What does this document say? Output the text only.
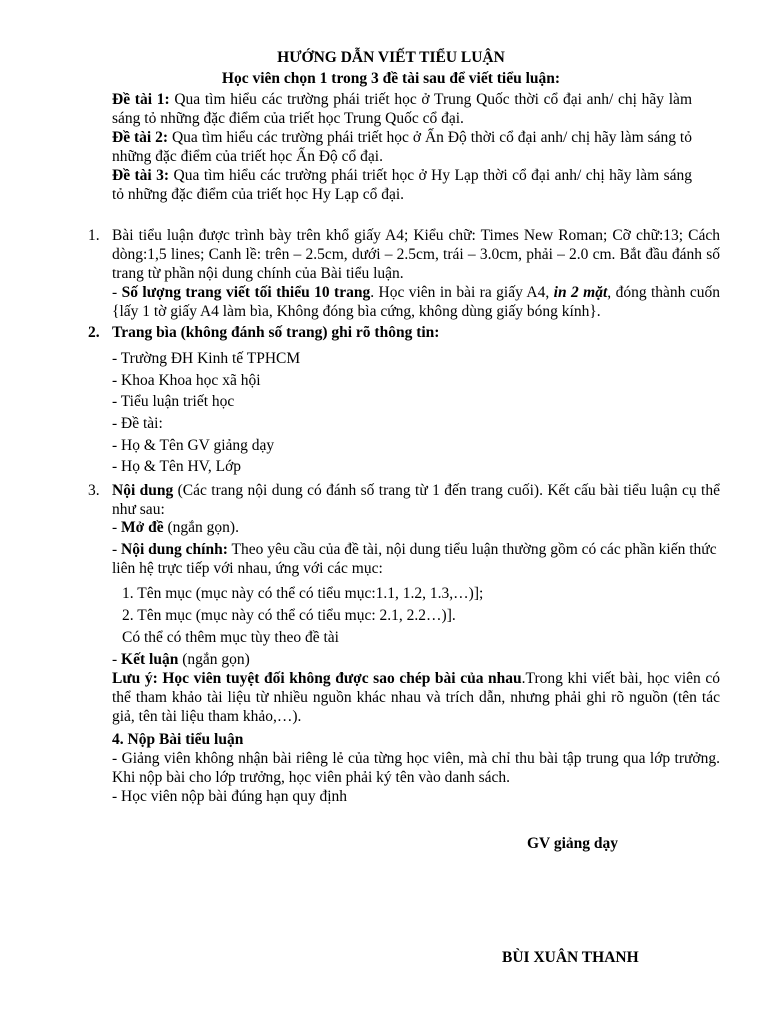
HƯỚNG DẪN VIẾT TIỂU LUẬN
Học viên chọn 1 trong 3 đề tài sau để viết tiểu luận:

Đề tài 1: Qua tìm hiểu các trường phái triết học ở Trung Quốc thời cổ đại anh/ chị hãy làm sáng tỏ những đặc điểm của triết học Trung Quốc cổ đại.

Đề tài 2: Qua tìm hiểu các trường phái triết học ở Ấn Độ thời cổ đại anh/ chị hãy làm sáng tỏ những đặc điểm của triết học Ấn Độ cổ đại.

Đề tài 3: Qua tìm hiểu các trường phái triết học ở Hy Lạp thời cổ đại anh/ chị hãy làm sáng tỏ những đặc điểm của triết học Hy Lạp cổ đại.

1. Bài tiểu luận được trình bày trên khổ giấy A4; Kiểu chữ: Times New Roman; Cỡ chữ:13; Cách dòng:1,5 lines; Canh lề: trên – 2.5cm, dưới – 2.5cm, trái – 3.0cm, phải – 2.0 cm. Bắt đầu đánh số trang từ phần nội dung chính của Bài tiểu luận.

- Số lượng trang viết tối thiểu 10 trang. Học viên in bài ra giấy A4, in 2 mặt, đóng thành cuốn {lấy 1 tờ giấy A4 làm bìa, Không đóng bìa cứng, không dùng giấy bóng kính}.

2. Trang bìa (không đánh số trang) ghi rõ thông tin:

- Trường ĐH Kinh tế TPHCM
- Khoa Khoa học xã hội
- Tiểu luận triết học
- Đề tài:
- Họ & Tên GV giảng dạy
- Họ & Tên HV, Lớp
3. Nội dung (Các trang nội dung có đánh số trang từ 1 đến trang cuối). Kết cấu bài tiểu luận cụ thể như sau:

- Mở đề (ngắn gọn).
- Nội dung chính: Theo yêu cầu của đề tài, nội dung tiểu luận thường gồm có các phần kiến thức liên hệ trực tiếp với nhau, ứng với các mục:
1. Tên mục (mục này có thể có tiểu mục:1.1, 1.2, 1.3,…)];
2. Tên mục (mục này có thể có tiểu mục: 2.1, 2.2…)].
Có thể có thêm mục tùy theo đề tài
- Kết luận (ngắn gọn)

Lưu ý: Học viên tuyệt đối không được sao chép bài của nhau.Trong khi viết bài, học viên có thể tham khảo tài liệu từ nhiều nguồn khác nhau và trích dẫn, nhưng phải ghi rõ nguồn (tên tác giả, tên tài liệu tham khảo,…).

4. Nộp Bài tiểu luận

- Giảng viên không nhận bài riêng lẻ của từng học viên, mà chỉ thu bài tập trung qua lớp trưởng. Khi nộp bài cho lớp trưởng, học viên phải ký tên vào danh sách.

- Học viên nộp bài đúng hạn quy định

GV giảng dạy
BÙI XUÂN THANH
